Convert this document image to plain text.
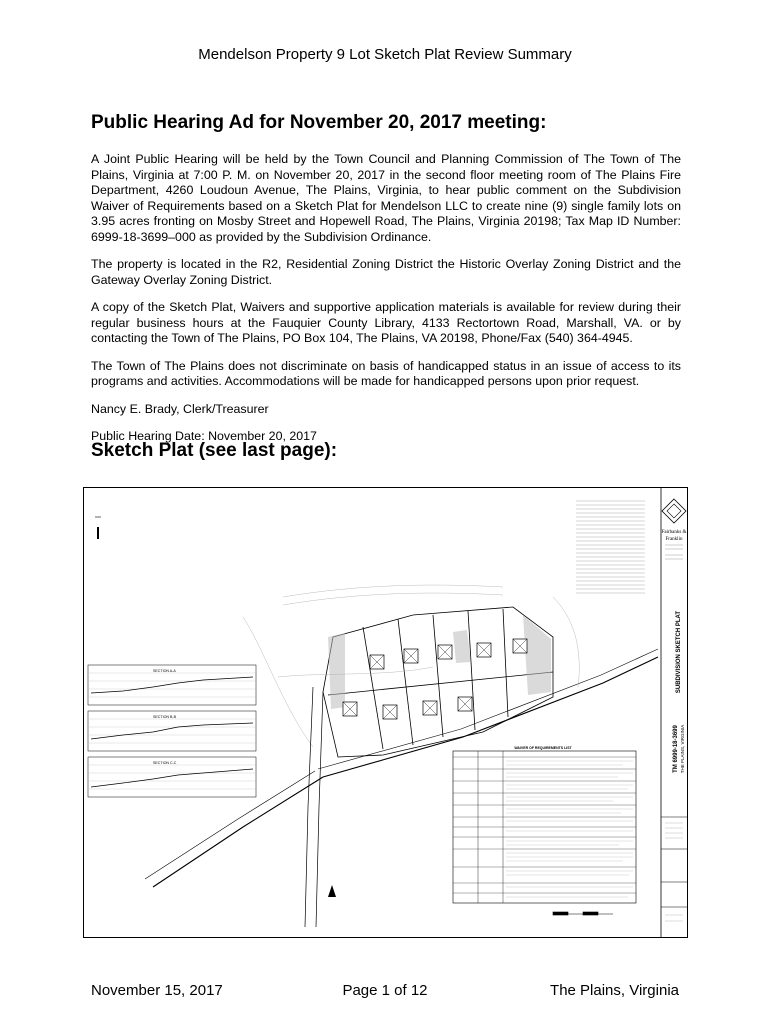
Mendelson Property 9 Lot Sketch Plat Review Summary
Public Hearing Ad for November 20, 2017 meeting:

A Joint Public Hearing will be held by the Town Council and Planning Commission of The Town of The Plains, Virginia at 7:00 P. M. on November 20, 2017 in the second floor meeting room of The Plains Fire Department, 4260 Loudoun Avenue, The Plains, Virginia, to hear public comment on the Subdivision Waiver of Requirements based on a Sketch Plat for Mendelson LLC to create nine (9) single family lots on 3.95 acres fronting on Mosby Street and Hopewell Road, The Plains, Virginia 20198; Tax Map ID Number: 6999-18-3699–000 as provided by the Subdivision Ordinance.

The property is located in the R2, Residential Zoning District the Historic Overlay Zoning District and the Gateway Overlay Zoning District.

A copy of the Sketch Plat, Waivers and supportive application materials is available for review during their regular business hours at the Fauquier County Library, 4133 Rectortown Road, Marshall, VA. or by contacting the Town of The Plains, PO Box 104, The Plains, VA 20198, Phone/Fax (540) 364-4945.

The Town of The Plains does not discriminate on basis of handicapped status in an issue of access to its programs and activities. Accommodations will be made for handicapped persons upon prior request.

Nancy E. Brady, Clerk/Treasurer

Public Hearing Date: November 20, 2017

Sketch Plat (see last page):
Fairbanks &
Franklin
SUBDIVISION SKETCH PLAT
TM 6999-18-3699 THE PLAINS, VIRGINIA
SECTION A-A
SECTION B-B
SECTION C-C
WAIVER OF REQUIREMENTS LIST
November 15, 2017	Page 1 of 12	The Plains, Virginia
